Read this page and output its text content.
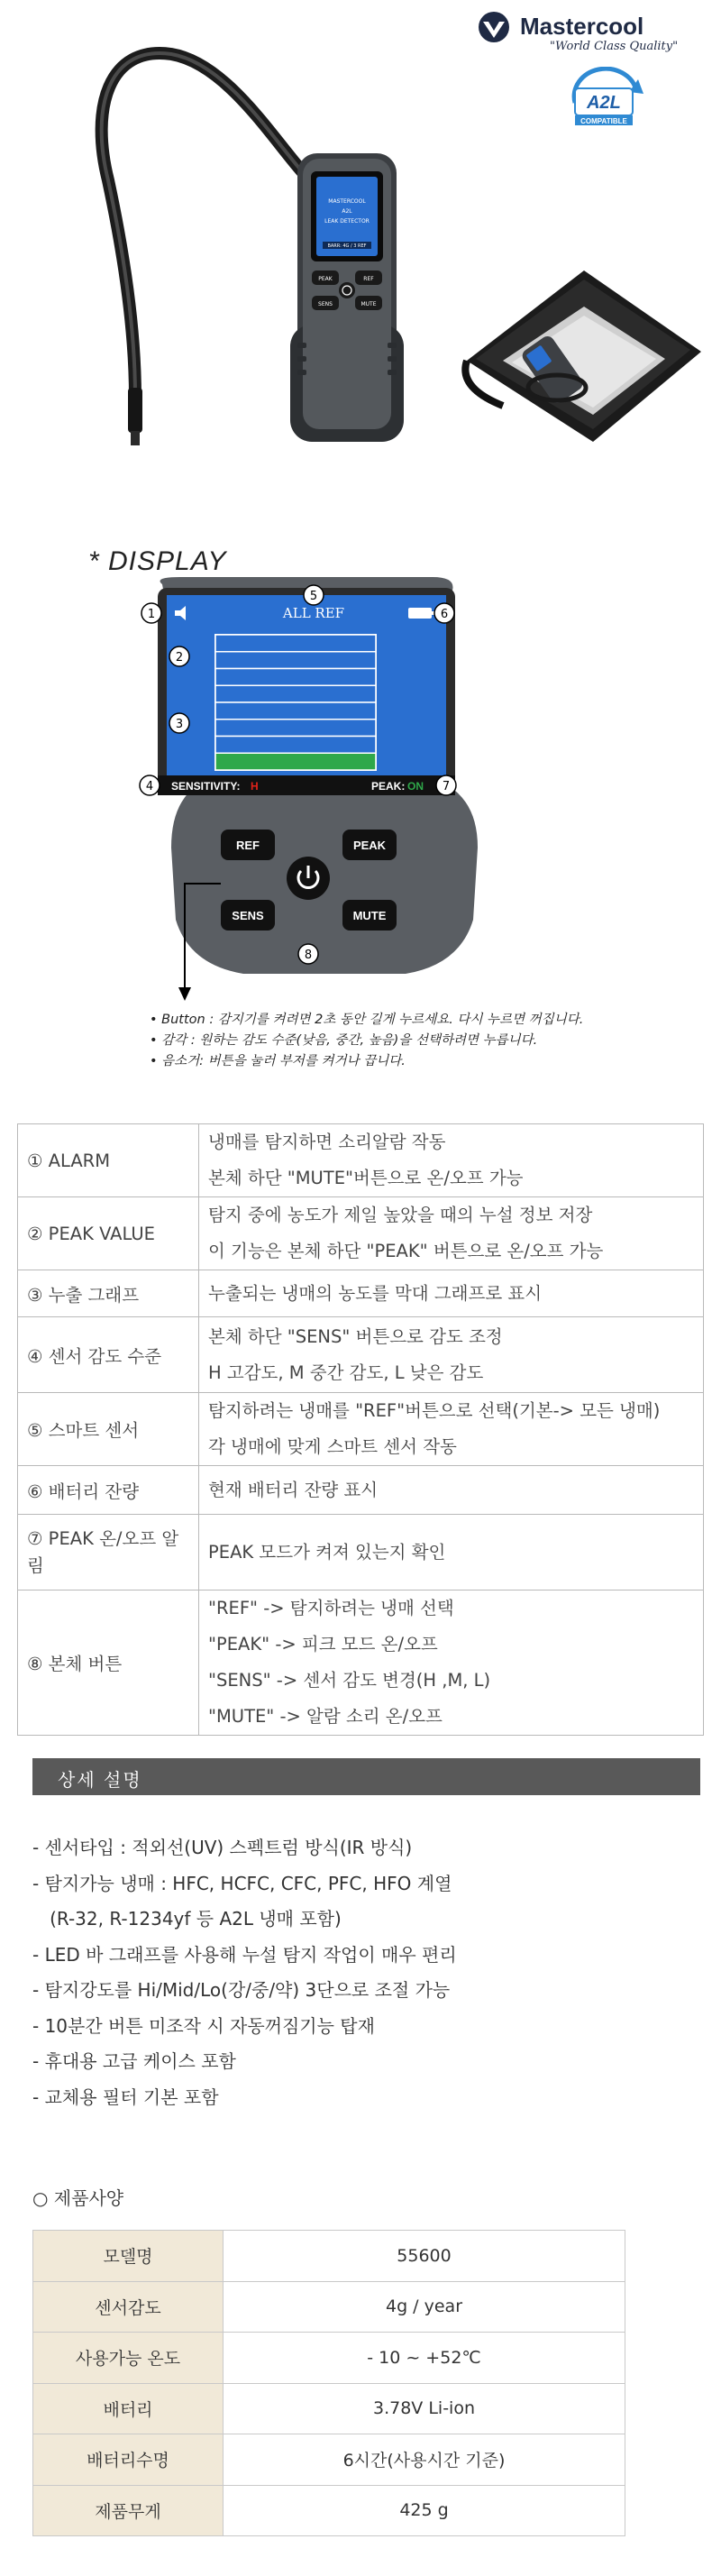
MASTERCOOL
A2L
LEAK DETECTOR
BARR: 4G / 3 REF
PEAK	REF
SENS	MUTE
Mastercool
"World Class Quality"
A2L
COMPATIBLE
* DISPLAY
ALL REF
SENSITIVITY: H	PEAK: ON
REF	PEAK
SENS	MUTE
1
2
3
4
5
6
7
8
• Button : 감지기를 켜려면 2초 동안 길게 누르세요. 다시 누르면 꺼집니다.
• 감각 : 원하는 감도 수준(낮음, 중간, 높음)을 선택하려면 누릅니다.
• 음소거: 버튼을 눌러 부저를 켜거나 끕니다.
① ALARM	냉매를 탐지하면 소리알람 작동
본체 하단 "MUTE"버튼으로 온/오프 가능

② PEAK VALUE	탐지 중에 농도가 제일 높았을 때의 누설 정보 저장
이 기능은 본체 하단 "PEAK" 버튼으로 온/오프 가능

③ 누출 그래프	누출되는 냉매의 농도를 막대 그래프로 표시

④ 센서 감도 수준	본체 하단 "SENS" 버튼으로 감도 조정
H 고감도, M 중간 감도, L 낮은 감도

⑤ 스마트 센서	탐지하려는 냉매를 "REF"버튼으로 선택(기본-> 모든 냉매)
각 냉매에 맞게 스마트 센서 작동

⑥ 배터리 잔량	현재 배터리 잔량 표시

⑦ PEAK 온/오프 알림	PEAK 모드가 켜져 있는지 확인

⑧ 본체 버튼	"REF" -> 탐지하려는 냉매 선택
"PEAK" -> 피크 모드 온/오프
"SENS" -> 센서 감도 변경(H ,M, L)
"MUTE" -> 알람 소리 온/오프
상세 설명
- 센서타입 : 적외선(UV) 스펙트럼 방식(IR 방식)
- 탐지가능 냉매 : HFC, HCFC, CFC, PFC, HFO 계열
(R-32, R-1234yf 등 A2L 냉매 포함)
- LED 바 그래프를 사용해 누설 탐지 작업이 매우 편리
- 탐지강도를 Hi/Mid/Lo(강/중/약) 3단으로 조절 가능
- 10분간 버튼 미조작 시 자동꺼짐기능 탑재
- 휴대용 고급 케이스 포함
- 교체용 필터 기본 포함
○ 제품사양
모델명	55600
센서감도	4g / year
사용가능 온도	- 10 ~ +52℃
배터리	3.78V Li-ion
배터리수명	6시간(사용시간 기준)
제품무게	425 g
